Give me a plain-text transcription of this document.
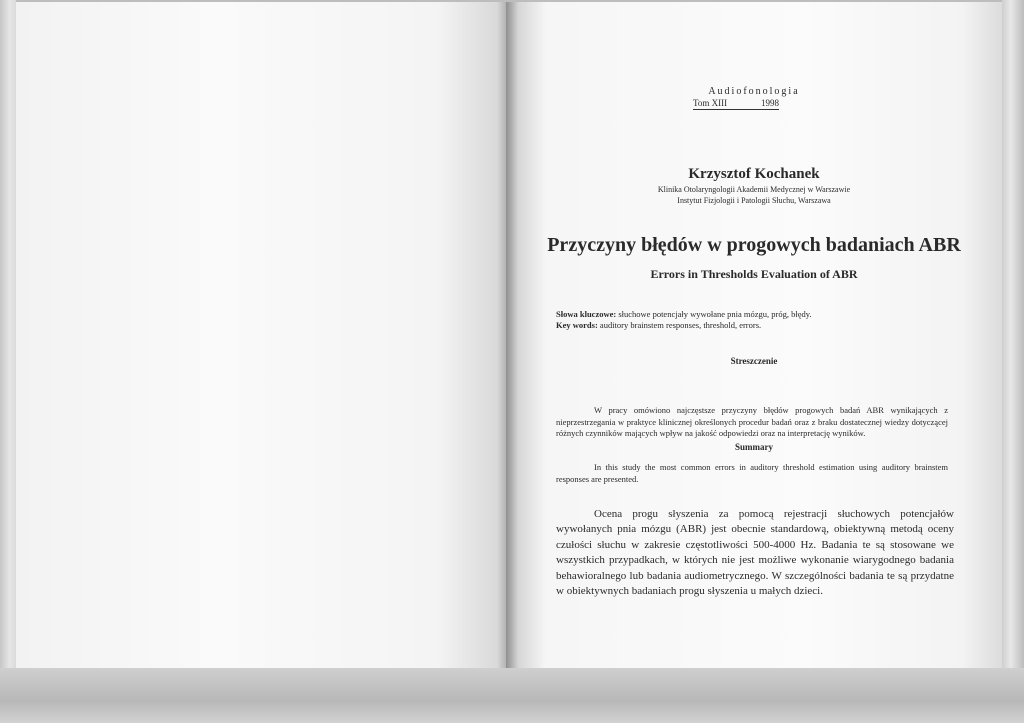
Audiofonologia
Tom XIII	1998
Krzysztof Kochanek
Klinika Otolaryngologii Akademii Medycznej w Warszawie
Instytut Fizjologii i Patologii Słuchu, Warszawa
Przyczyny błędów w progowych badaniach ABR
Errors in Thresholds Evaluation of ABR
Słowa kluczowe: słuchowe potencjały wywołane pnia mózgu, próg, błędy.
Key words: auditory brainstem responses, threshold, errors.
Streszczenie
W pracy omówiono najczęstsze przyczyny błędów progowych badań ABR wynikających z nieprzestrzegania w praktyce klinicznej określonych procedur badań oraz z braku dostatecznej wiedzy dotyczącej różnych czynników mających wpływ na jakość odpowiedzi oraz na interpretację wyników.
Summary
In this study the most common errors in auditory threshold estimation using auditory brainstem responses are presented.
Ocena progu słyszenia za pomocą rejestracji słuchowych potencjałów wywołanych pnia mózgu (ABR) jest obecnie standardową, obiektywną metodą oceny czułości słuchu w zakresie częstotliwości 500-4000 Hz. Badania te są stosowane we wszystkich przypadkach, w których nie jest możliwe wykonanie wiarygodnego badania behawioralnego lub badania audiometrycznego. W szczególności badania te są przydatne w obiektywnych badaniach progu słyszenia u małych dzieci.
